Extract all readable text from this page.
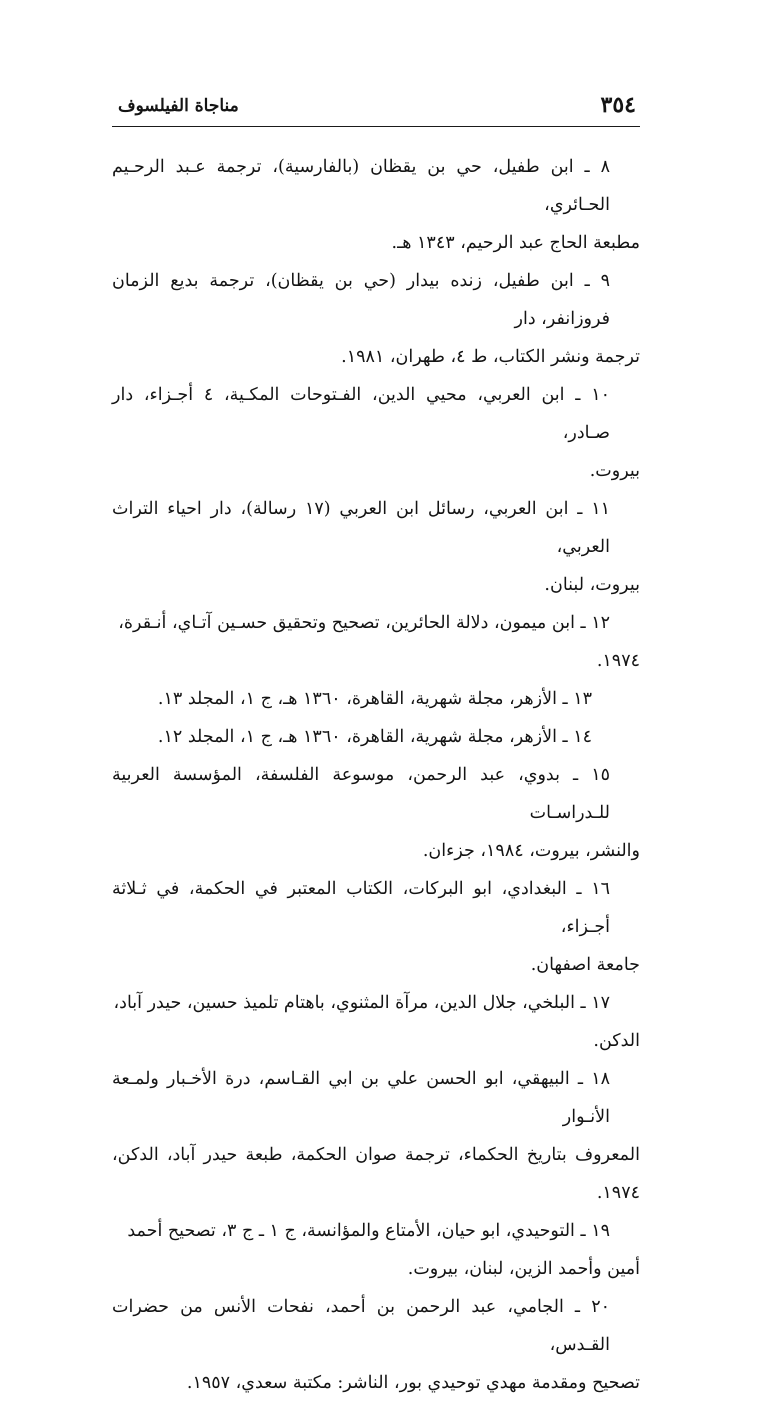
٣٥٤
مناجاة الفيلسوف

٨ ـ ابن طفيل، حي بن يقظان (بالفارسية)، ترجمة عـبد الرحـيم الحـائري،
مطبعة الحاج عبد الرحيم، ١٣٤٣ هـ.

٩ ـ ابن طفيل، زنده بيدار (حي بن يقظان)، ترجمة بديع الزمان فروزانفر، دار
ترجمة ونشر الكتاب، ط ٤، طهران، ١٩٨١.

١٠ ـ ابن العربي، محيي الدين، الفـتوحات المكـية، ٤ أجـزاء، دار صـادر،
بيروت.

١١ ـ ابن العربي، رسائل ابن العربي (١٧ رسالة)، دار احياء التراث العربي،
بيروت، لبنان.

١٢ ـ ابن ميمون، دلالة الحائرين، تصحيح وتحقيق حسـين آتـاي، أنـقرة،
١٩٧٤.

١٣ ـ الأزهر، مجلة شهرية، القاهرة، ١٣٦٠ هـ، ج ١، المجلد ١٣.

١٤ ـ الأزهر، مجلة شهرية، القاهرة، ١٣٦٠ هـ، ج ١، المجلد ١٢.

١٥ ـ بدوي، عبد الرحمن، موسوعة الفلسفة، المؤسسة العربية للـدراسـات
والنشر، بيروت، ١٩٨٤، جزءان.

١٦ ـ البغدادي، ابو البركات، الكتاب المعتبر في الحكمة، في ثـلاثة أجـزاء،
جامعة اصفهان.

١٧ ـ البلخي، جلال الدين، مرآة المثنوي، باهتام تلميذ حسين، حيدر آباد،
الدكن.

١٨ ـ البيهقي، ابو الحسن علي بن ابي القـاسم، درة الأخـبار ولمـعة الأنـوار
المعروف بتاريخ الحكماء، ترجمة صوان الحكمة، طبعة حيدر آباد، الدكن، ١٩٧٤.

١٩ ـ التوحيدي، ابو حيان، الأمتاع والمؤانسة، ج ١ ـ ج ٣، تصحيح أحمد
أمين وأحمد الزين، لبنان، بيروت.

٢٠ ـ الجامي، عبد الرحمن بن أحمد، نفحات الأنس من حضرات القـدس،
تصحيح ومقدمة مهدي توحيدي بور، الناشر: مكتبة سعدي، ١٩٥٧.
